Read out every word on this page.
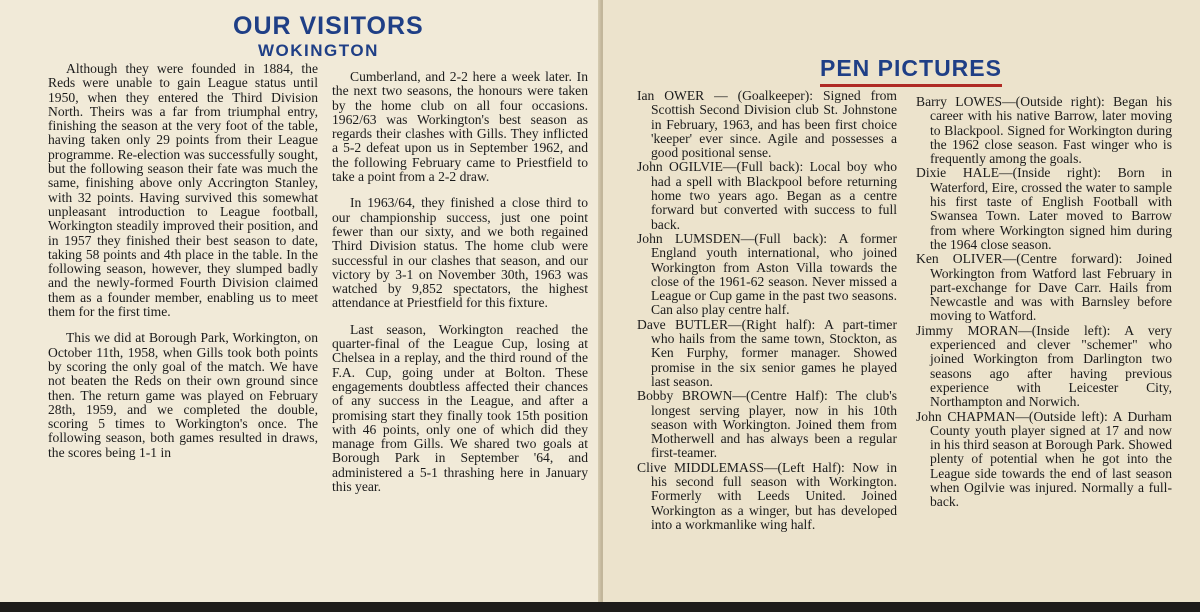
OUR VISITORS
WOKINGTON

Although they were founded in 1884, the Reds were unable to gain League status until 1950, when they entered the Third Division North. Theirs was a far from triumphal entry, finishing the season at the very foot of the table, having taken only 29 points from their League programme. Re-election was successfully sought, but the following season their fate was much the same, finishing above only Accrington Stanley, with 32 points. Having survived this somewhat unpleasant introduction to League football, Workington steadily improved their position, and in 1957 they finished their best season to date, taking 58 points and 4th place in the table. In the following season, however, they slumped badly and the newly-formed Fourth Division claimed them as a founder member, enabling us to meet them for the first time.

This we did at Borough Park, Workington, on October 11th, 1958, when Gills took both points by scoring the only goal of the match. We have not beaten the Reds on their own ground since then. The return game was played on February 28th, 1959, and we completed the double, scoring 5 times to Workington's once. The following season, both games resulted in draws, the scores being 1-1 in

Cumberland, and 2-2 here a week later. In the next two seasons, the honours were taken by the home club on all four occasions. 1962/63 was Workington's best season as regards their clashes with Gills. They inflicted a 5-2 defeat upon us in September 1962, and the following February came to Priestfield to take a point from a 2-2 draw.

In 1963/64, they finished a close third to our championship success, just one point fewer than our sixty, and we both regained Third Division status. The home club were successful in our clashes that season, and our victory by 3-1 on November 30th, 1963 was watched by 9,852 spectators, the highest attendance at Priestfield for this fixture.

Last season, Workington reached the quarter-final of the League Cup, losing at Chelsea in a replay, and the third round of the F.A. Cup, going under at Bolton. These engagements doubtless affected their chances of any success in the League, and after a promising start they finally took 15th position with 46 points, only one of which did they manage from Gills. We shared two goals at Borough Park in September '64, and administered a 5-1 thrashing here in January this year.

PEN PICTURES

Ian OWER — (Goalkeeper): Signed from Scottish Second Division club St. Johnstone in February, 1963, and has been first choice 'keeper' ever since. Agile and possesses a good positional sense.

John OGILVIE—(Full back): Local boy who had a spell with Blackpool before returning home two years ago. Began as a centre forward but converted with success to full back.

John LUMSDEN—(Full back): A former England youth international, who joined Workington from Aston Villa towards the close of the 1961-62 season. Never missed a League or Cup game in the past two seasons. Can also play centre half.

Dave BUTLER—(Right half): A part-timer who hails from the same town, Stockton, as Ken Furphy, former manager. Showed promise in the six senior games he played last season.

Bobby BROWN—(Centre Half): The club's longest serving player, now in his 10th season with Workington. Joined them from Motherwell and has always been a regular first-teamer.

Clive MIDDLEMASS—(Left Half): Now in his second full season with Workington. Formerly with Leeds United. Joined Workington as a winger, but has developed into a workmanlike wing half.

Barry LOWES—(Outside right): Began his career with his native Barrow, later moving to Blackpool. Signed for Workington during the 1962 close season. Fast winger who is frequently among the goals.

Dixie HALE—(Inside right): Born in Waterford, Eire, crossed the water to sample his first taste of English Football with Swansea Town. Later moved to Barrow from where Workington signed him during the 1964 close season.

Ken OLIVER—(Centre forward): Joined Workington from Watford last February in part-exchange for Dave Carr. Hails from Newcastle and was with Barnsley before moving to Watford.

Jimmy MORAN—(Inside left): A very experienced and clever "schemer" who joined Workington from Darlington two seasons ago after having previous experience with Leicester City, Northampton and Norwich.

John CHAPMAN—(Outside left): A Durham County youth player signed at 17 and now in his third season at Borough Park. Showed plenty of potential when he got into the League side towards the end of last season when Ogilvie was injured. Normally a full-back.
